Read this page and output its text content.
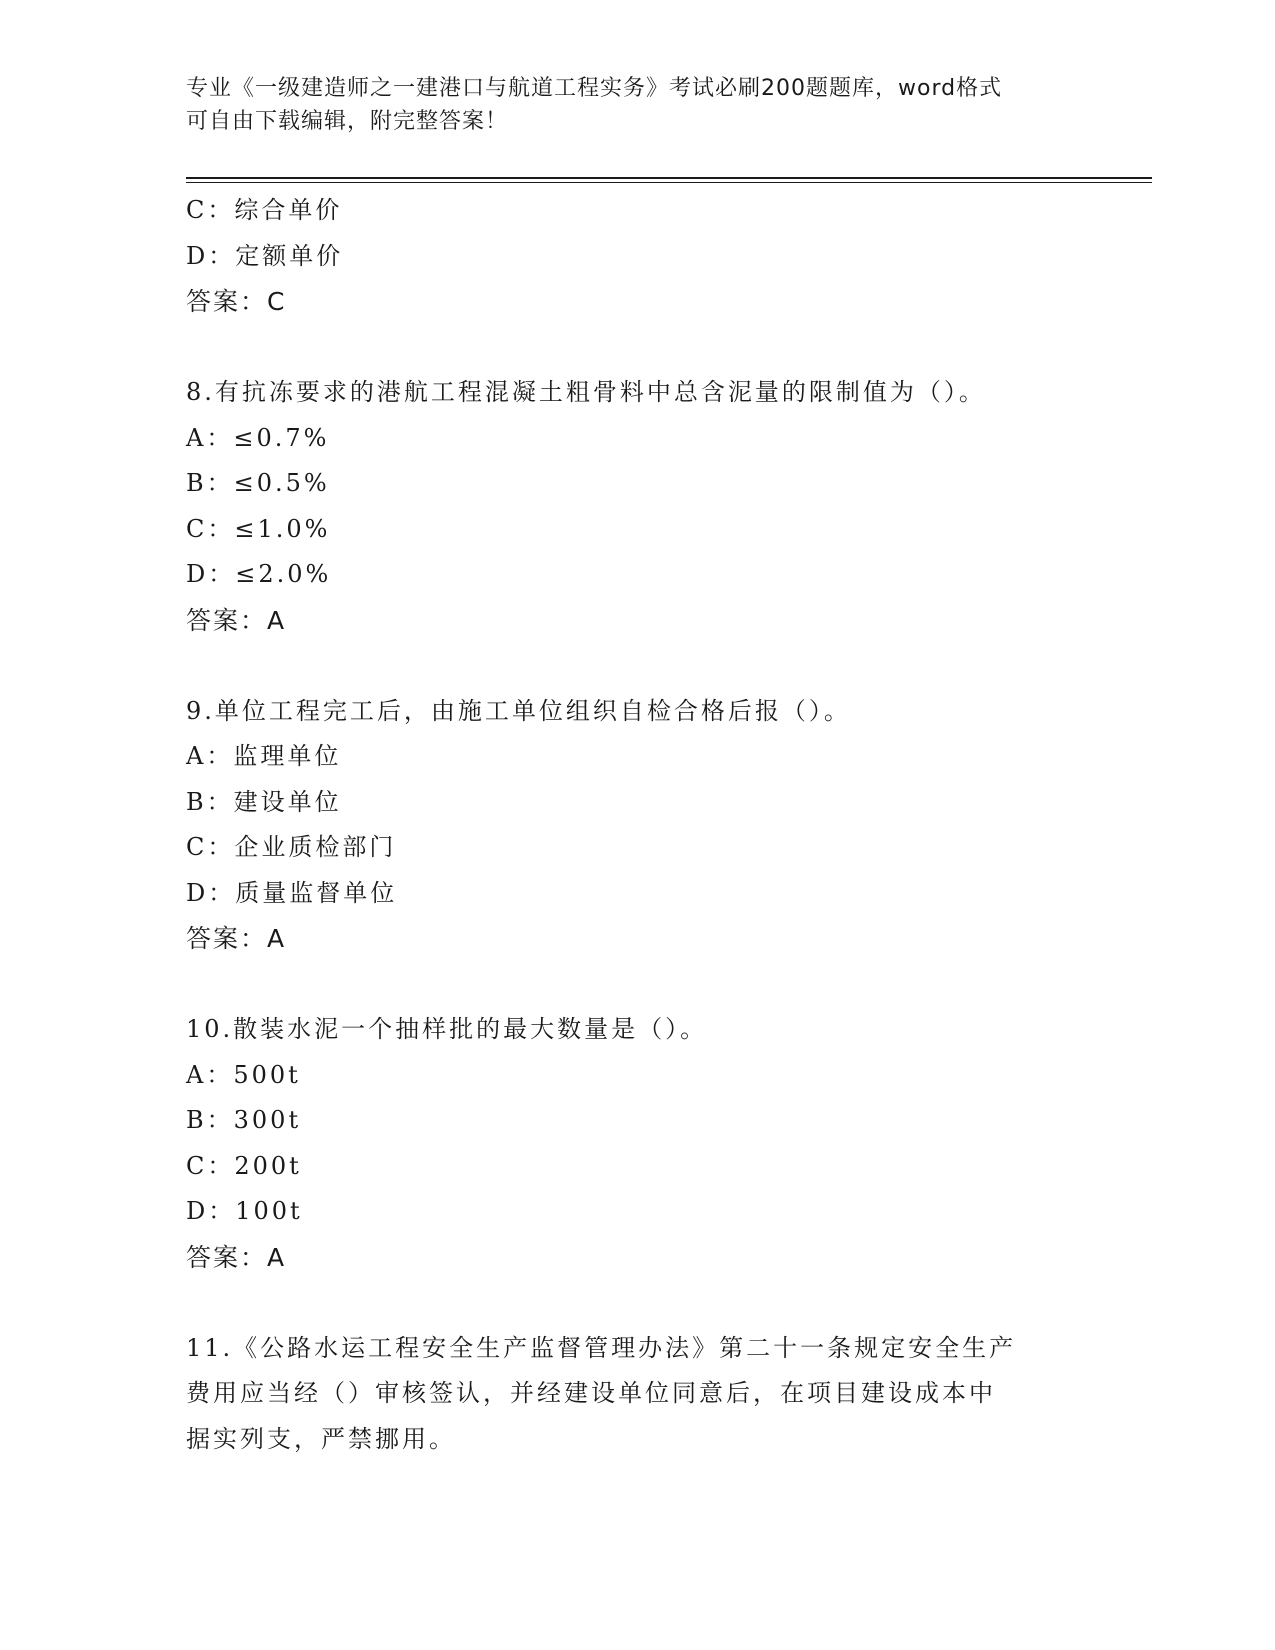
专业《一级建造师之一建港口与航道工程实务》考试必刷200题题库，word格式
可自由下载编辑，附完整答案！
C：综合单价
D：定额单价
答案：C
8.有抗冻要求的港航工程混凝土粗骨料中总含泥量的限制值为（）。
A：≤0.7%
B：≤0.5%
C：≤1.0%
D：≤2.0%
答案：A
9.单位工程完工后，由施工单位组织自检合格后报（）。
A：监理单位
B：建设单位
C：企业质检部门
D：质量监督单位
答案：A
10.散装水泥一个抽样批的最大数量是（）。
A：500t
B：300t
C：200t
D：100t
答案：A
11.《公路水运工程安全生产监督管理办法》第二十一条规定安全生产
费用应当经（）审核签认，并经建设单位同意后，在项目建设成本中
据实列支，严禁挪用。
